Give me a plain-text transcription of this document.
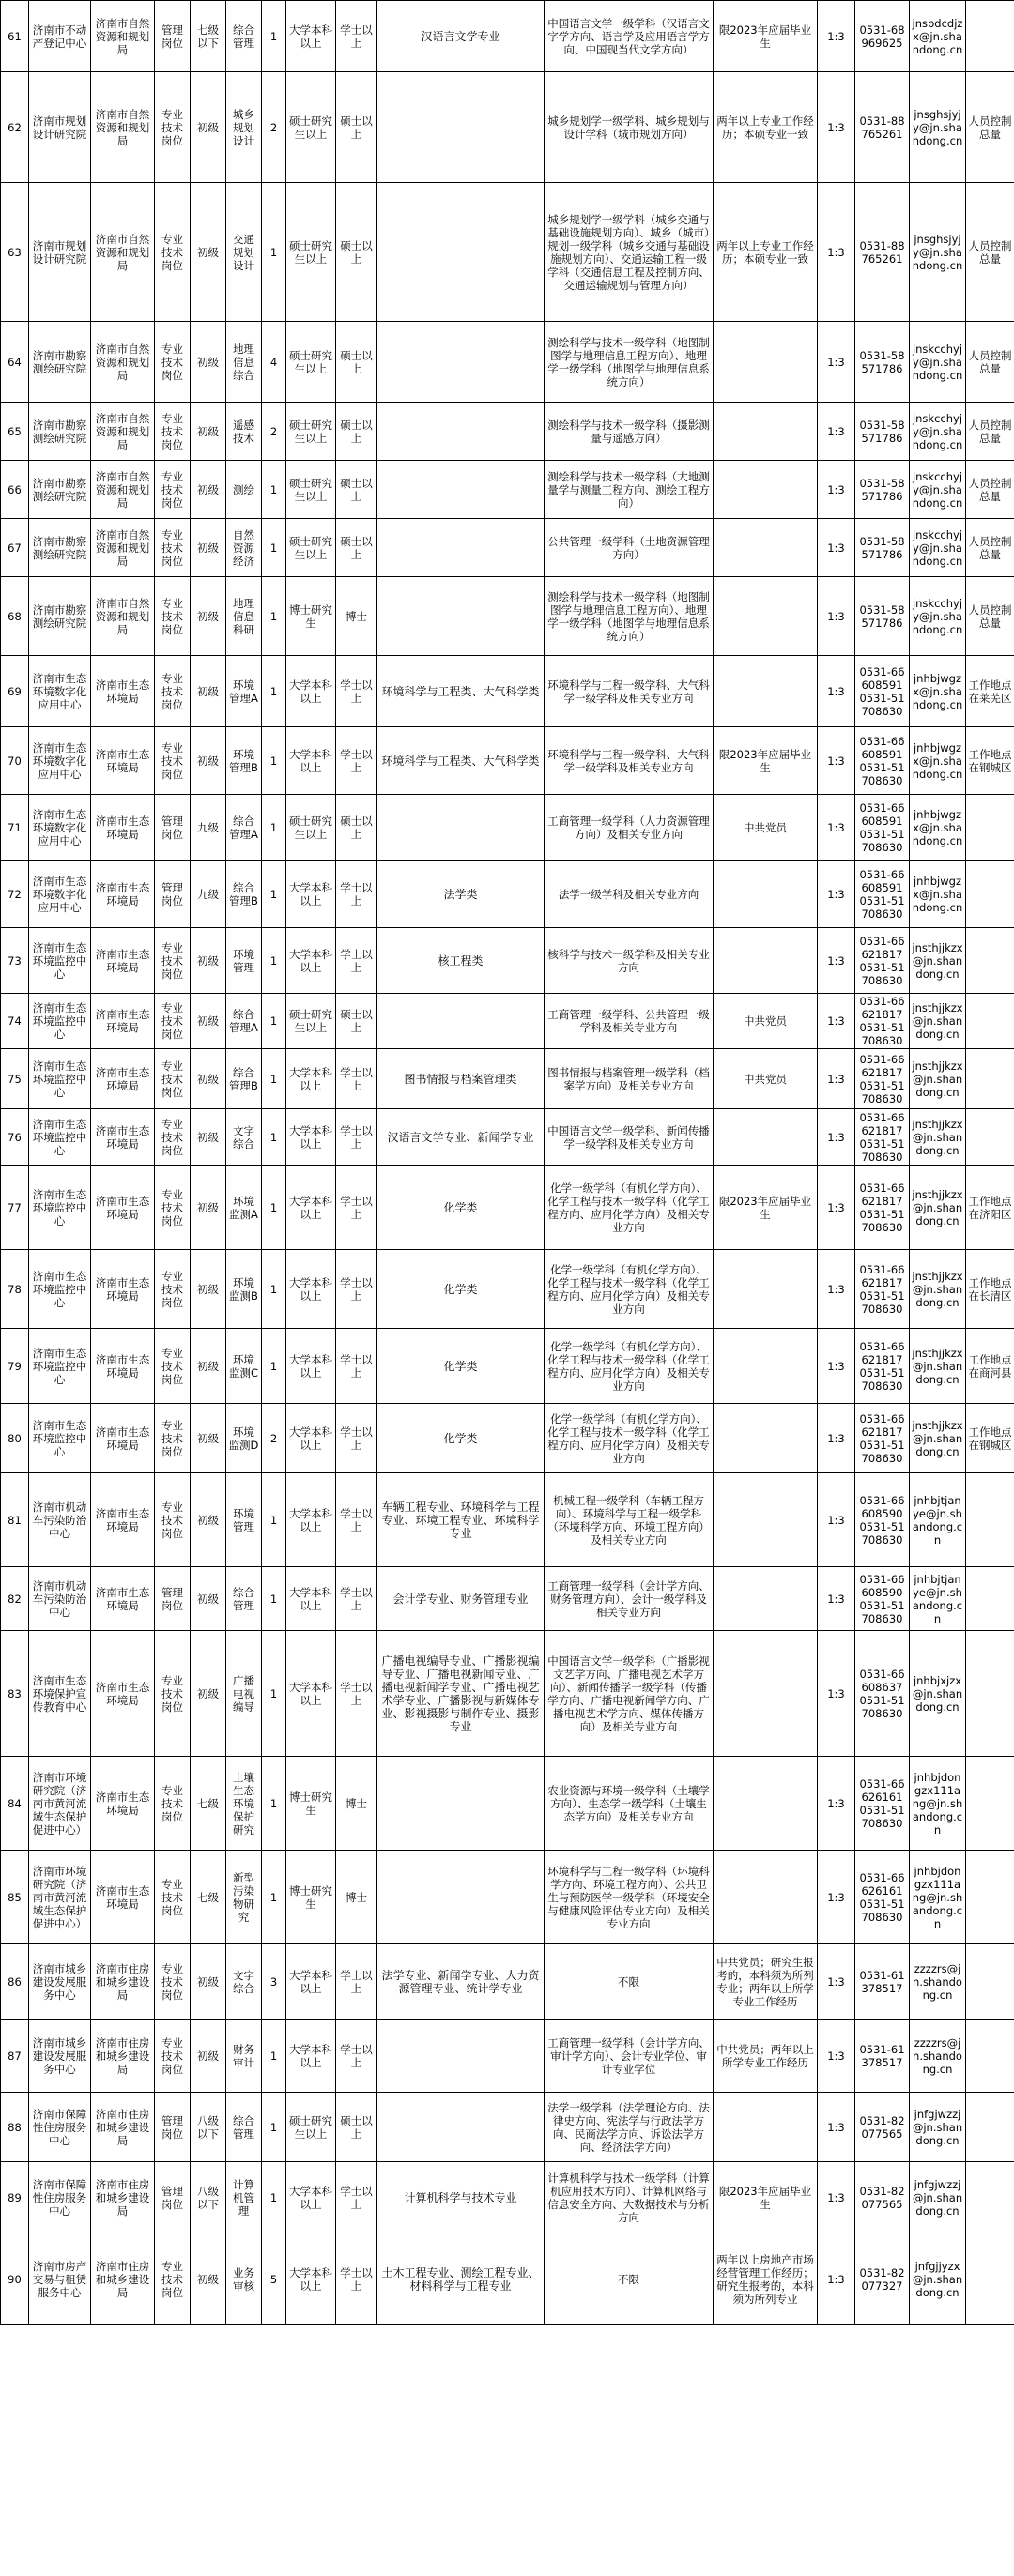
61	济南市不动产登记中心	济南市自然资源和规划局	管理岗位	七级以下	综合管理	1	大学本科以上	学士以上	汉语言文学专业	中国语言文学一级学科（汉语言文字学方向、语言学及应用语言学方向、中国现当代文学方向）	限2023年应届毕业生	1:3	0531-68969625	jnsbdcdjzx@jn.shandong.cn	
62	济南市规划设计研究院	济南市自然资源和规划局	专业技术岗位	初级	城乡规划设计	2	硕士研究生以上	硕士以上		城乡规划学一级学科、城乡规划与设计学科（城市规划方向）	两年以上专业工作经历；本硕专业一致	1:3	0531-88765261	jnsghsjyjy@jn.shandong.cn	人员控制总量
63	济南市规划设计研究院	济南市自然资源和规划局	专业技术岗位	初级	交通规划设计	1	硕士研究生以上	硕士以上		城乡规划学一级学科（城乡交通与基础设施规划方向）、城乡（城市）规划一级学科（城乡交通与基础设施规划方向）、交通运输工程一级学科（交通信息工程及控制方向、交通运输规划与管理方向）	两年以上专业工作经历；本硕专业一致	1:3	0531-88765261	jnsghsjyjy@jn.shandong.cn	人员控制总量
64	济南市勘察测绘研究院	济南市自然资源和规划局	专业技术岗位	初级	地理信息综合	4	硕士研究生以上	硕士以上		测绘科学与技术一级学科（地图制图学与地理信息工程方向）、地理学一级学科（地图学与地理信息系统方向）		1:3	0531-58571786	jnskcchyjy@jn.shandong.cn	人员控制总量
65	济南市勘察测绘研究院	济南市自然资源和规划局	专业技术岗位	初级	遥感技术	2	硕士研究生以上	硕士以上		测绘科学与技术一级学科（摄影测量与遥感方向）		1:3	0531-58571786	jnskcchyjy@jn.shandong.cn	人员控制总量
66	济南市勘察测绘研究院	济南市自然资源和规划局	专业技术岗位	初级	测绘	1	硕士研究生以上	硕士以上		测绘科学与技术一级学科（大地测量学与测量工程方向、测绘工程方向）		1:3	0531-58571786	jnskcchyjy@jn.shandong.cn	人员控制总量
67	济南市勘察测绘研究院	济南市自然资源和规划局	专业技术岗位	初级	自然资源经济	1	硕士研究生以上	硕士以上		公共管理一级学科（土地资源管理方向）		1:3	0531-58571786	jnskcchyjy@jn.shandong.cn	人员控制总量
68	济南市勘察测绘研究院	济南市自然资源和规划局	专业技术岗位	初级	地理信息科研	1	博士研究生	博士		测绘科学与技术一级学科（地图制图学与地理信息工程方向）、地理学一级学科（地图学与地理信息系统方向）		1:3	0531-58571786	jnskcchyjy@jn.shandong.cn	人员控制总量
69	济南市生态环境数字化应用中心	济南市生态环境局	专业技术岗位	初级	环境管理A	1	大学本科以上	学士以上	环境科学与工程类、大气科学类	环境科学与工程一级学科、大气科学一级学科及相关专业方向		1:3	0531-66608591 0531-51708630	jnhbjwgzx@jn.shandong.cn	工作地点在莱芜区
70	济南市生态环境数字化应用中心	济南市生态环境局	专业技术岗位	初级	环境管理B	1	大学本科以上	学士以上	环境科学与工程类、大气科学类	环境科学与工程一级学科、大气科学一级学科及相关专业方向	限2023年应届毕业生	1:3	0531-66608591 0531-51708630	jnhbjwgzx@jn.shandong.cn	工作地点在钢城区
71	济南市生态环境数字化应用中心	济南市生态环境局	管理岗位	九级	综合管理A	1	硕士研究生以上	硕士以上		工商管理一级学科（人力资源管理方向）及相关专业方向	中共党员	1:3	0531-66608591 0531-51708630	jnhbjwgzx@jn.shandong.cn	
72	济南市生态环境数字化应用中心	济南市生态环境局	管理岗位	九级	综合管理B	1	大学本科以上	学士以上	法学类	法学一级学科及相关专业方向		1:3	0531-66608591 0531-51708630	jnhbjwgzx@jn.shandong.cn	
73	济南市生态环境监控中心	济南市生态环境局	专业技术岗位	初级	环境管理	1	大学本科以上	学士以上	核工程类	核科学与技术一级学科及相关专业方向		1:3	0531-66621817 0531-51708630	jnsthjjkzx@jn.shandong.cn	
74	济南市生态环境监控中心	济南市生态环境局	专业技术岗位	初级	综合管理A	1	硕士研究生以上	硕士以上		工商管理一级学科、公共管理一级学科及相关专业方向	中共党员	1:3	0531-66621817 0531-51708630	jnsthjjkzx@jn.shandong.cn	
75	济南市生态环境监控中心	济南市生态环境局	专业技术岗位	初级	综合管理B	1	大学本科以上	学士以上	图书情报与档案管理类	图书情报与档案管理一级学科（档案学方向）及相关专业方向	中共党员	1:3	0531-66621817 0531-51708630	jnsthjjkzx@jn.shandong.cn	
76	济南市生态环境监控中心	济南市生态环境局	专业技术岗位	初级	文字综合	1	大学本科以上	学士以上	汉语言文学专业、新闻学专业	中国语言文学一级学科、新闻传播学一级学科及相关专业方向		1:3	0531-66621817 0531-51708630	jnsthjjkzx@jn.shandong.cn	
77	济南市生态环境监控中心	济南市生态环境局	专业技术岗位	初级	环境监测A	1	大学本科以上	学士以上	化学类	化学一级学科（有机化学方向）、化学工程与技术一级学科（化学工程方向、应用化学方向）及相关专业方向	限2023年应届毕业生	1:3	0531-66621817 0531-51708630	jnsthjjkzx@jn.shandong.cn	工作地点在济阳区
78	济南市生态环境监控中心	济南市生态环境局	专业技术岗位	初级	环境监测B	1	大学本科以上	学士以上	化学类	化学一级学科（有机化学方向）、化学工程与技术一级学科（化学工程方向、应用化学方向）及相关专业方向		1:3	0531-66621817 0531-51708630	jnsthjjkzx@jn.shandong.cn	工作地点在长清区
79	济南市生态环境监控中心	济南市生态环境局	专业技术岗位	初级	环境监测C	1	大学本科以上	学士以上	化学类	化学一级学科（有机化学方向）、化学工程与技术一级学科（化学工程方向、应用化学方向）及相关专业方向		1:3	0531-66621817 0531-51708630	jnsthjjkzx@jn.shandong.cn	工作地点在商河县
80	济南市生态环境监控中心	济南市生态环境局	专业技术岗位	初级	环境监测D	2	大学本科以上	学士以上	化学类	化学一级学科（有机化学方向）、化学工程与技术一级学科（化学工程方向、应用化学方向）及相关专业方向		1:3	0531-66621817 0531-51708630	jnsthjjkzx@jn.shandong.cn	工作地点在钢城区
81	济南市机动车污染防治中心	济南市生态环境局	专业技术岗位	初级	环境管理	1	大学本科以上	学士以上	车辆工程专业、环境科学与工程专业、环境工程专业、环境科学专业	机械工程一级学科（车辆工程方向）、环境科学与工程一级学科（环境科学方向、环境工程方向）及相关专业方向		1:3	0531-66608590 0531-51708630	jnhbjtjanye@jn.shandong.cn	
82	济南市机动车污染防治中心	济南市生态环境局	管理岗位	初级	综合管理	1	大学本科以上	学士以上	会计学专业、财务管理专业	工商管理一级学科（会计学方向、财务管理方向）、会计一级学科及相关专业方向		1:3	0531-66608590 0531-51708630	jnhbjtjanye@jn.shandong.cn	
83	济南市生态环境保护宣传教育中心	济南市生态环境局	专业技术岗位	初级	广播电视编导	1	大学本科以上	学士以上	广播电视编导专业、广播影视编导专业、广播电视新闻专业、广播电视新闻学专业、广播电视艺术学专业、广播影视与新媒体专业、影视摄影与制作专业、摄影专业	中国语言文学一级学科（广播影视文艺学方向、广播电视艺术学方向）、新闻传播学一级学科（传播学方向、广播电视新闻学方向、广播电视艺术学方向、媒体传播方向）及相关专业方向		1:3	0531-66608637 0531-51708630	jnhbjxjzx@jn.shandong.cn	
84	济南市环境研究院（济南市黄河流域生态保护促进中心）	济南市生态环境局	专业技术岗位	七级	土壤生态环境保护研究	1	博士研究生	博士		农业资源与环境一级学科（土壤学方向）、生态学一级学科（土壤生态学方向）及相关专业方向		1:3	0531-66626161 0531-51708630	jnhbjdongzx111ang@jn.shandong.cn	
85	济南市环境研究院（济南市黄河流域生态保护促进中心）	济南市生态环境局	专业技术岗位	七级	新型污染物研究	1	博士研究生	博士		环境科学与工程一级学科（环境科学方向、环境工程方向）、公共卫生与预防医学一级学科（环境安全与健康风险评估专业方向）及相关专业方向		1:3	0531-66626161 0531-51708630	jnhbjdongzx111ang@jn.shandong.cn	
86	济南市城乡建设发展服务中心	济南市住房和城乡建设局	专业技术岗位	初级	文字综合	3	大学本科以上	学士以上	法学专业、新闻学专业、人力资源管理专业、统计学专业	不限	中共党员；研究生报考的，本科须为所列专业；两年以上所学专业工作经历	1:3	0531-61378517	zzzzrs@jn.shandong.cn	
87	济南市城乡建设发展服务中心	济南市住房和城乡建设局	专业技术岗位	初级	财务审计	1	大学本科以上	学士以上		工商管理一级学科（会计学方向、审计学方向）、会计专业学位、审计专业学位	中共党员；两年以上所学专业工作经历	1:3	0531-61378517	zzzzrs@jn.shandong.cn	
88	济南市保障性住房服务中心	济南市住房和城乡建设局	管理岗位	八级以下	综合管理	1	硕士研究生以上	硕士以上		法学一级学科（法学理论方向、法律史方向、宪法学与行政法学方向、民商法学方向、诉讼法学方向、经济法学方向）		1:3	0531-82077565	jnfgjwzzj@jn.shandong.cn	
89	济南市保障性住房服务中心	济南市住房和城乡建设局	管理岗位	八级以下	计算机管理	1	大学本科以上	学士以上	计算机科学与技术专业	计算机科学与技术一级学科（计算机应用技术方向）、计算机网络与信息安全方向、大数据技术与分析方向	限2023年应届毕业生	1:3	0531-82077565	jnfgjwzzj@jn.shandong.cn	
90	济南市房产交易与租赁服务中心	济南市住房和城乡建设局	专业技术岗位	初级	业务审核	5	大学本科以上	学士以上	土木工程专业、测绘工程专业、材料科学与工程专业	不限	两年以上房地产市场经营管理工作经历；研究生报考的，本科须为所列专业	1:3	0531-82077327	jnfgjjyzx@jn.shandong.cn	
